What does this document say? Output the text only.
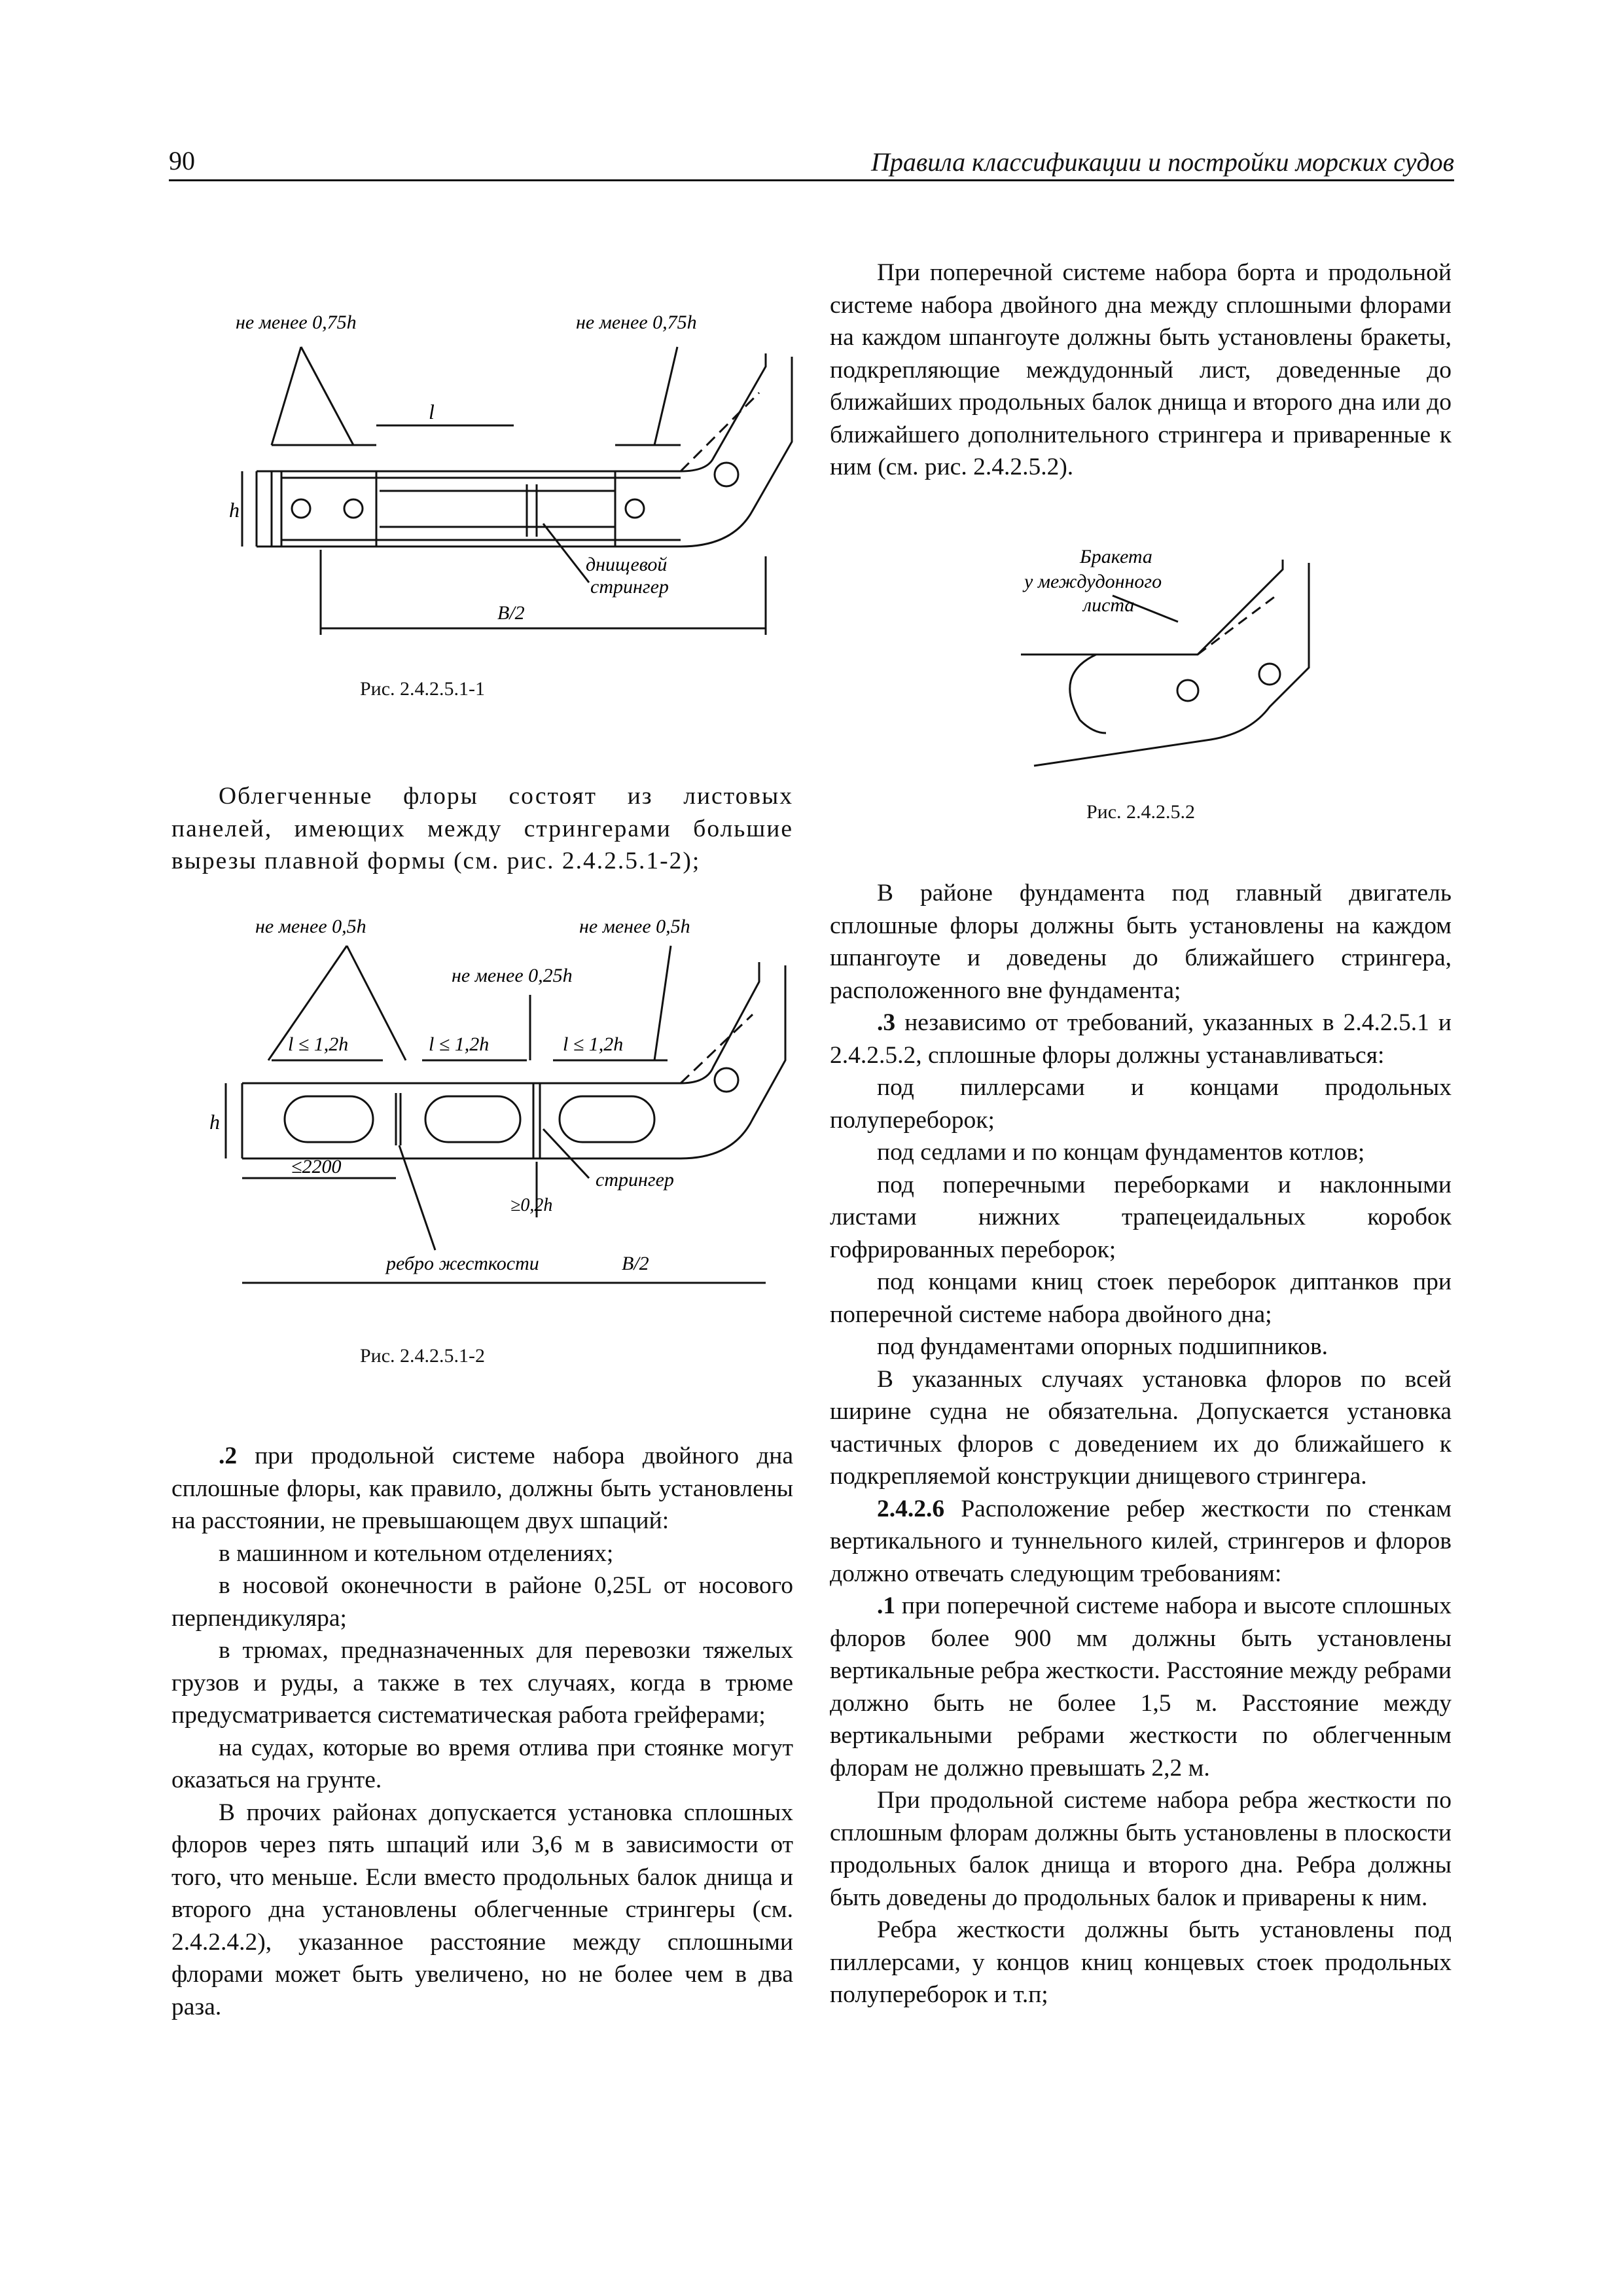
90	Правила классификации и постройки морских судов
не менее 0,75h	не менее 0,75h
l
h
днищевой
стрингер
B/2
Рис. 2.4.2.5.1-1
Бракета
у междудонного
листа
Рис. 2.4.2.5.2
не менее 0,5h	не менее 0,5h
не менее 0,25h
l ≤ 1,2h	l ≤ 1,2h	l ≤ 1,2h
h
≤2200
≥0,2h
стрингер
ребро жесткости	B/2
Рис. 2.4.2.5.1-2

Облегченные флоры состоят из листовых панелей, имеющих между стрингерами большие вырезы плавной формы (см. рис. 2.4.2.5.1-2);

.2 при продольной системе набора двойного дна сплошные флоры, как правило, должны быть установлены на расстоянии, не превышающем двух шпаций:

в машинном и котельном отделениях;

в носовой оконечности в районе 0,25L от носового перпендикуляра;

в трюмах, предназначенных для перевозки тяжелых грузов и руды, а также в тех случаях, когда в трюме предусматривается систематическая работа грейферами;

на судах, которые во время отлива при стоянке могут оказаться на грунте.

В прочих районах допускается установка сплошных флоров через пять шпаций или 3,6 м в зависимости от того, что меньше. Если вместо продольных балок днища и второго дна установлены облегченные стрингеры (см. 2.4.2.4.2), указанное расстояние между сплошными флорами может быть увеличено, но не более чем в два раза.

При поперечной системе набора борта и продольной системе набора двойного дна между сплошными флорами на каждом шпангоуте должны быть установлены бракеты, подкрепляющие междудонный лист, доведенные до ближайших продольных балок днища и второго дна или до ближайшего дополнительного стрингера и приваренные к ним (см. рис. 2.4.2.5.2).

В районе фундамента под главный двигатель сплошные флоры должны быть установлены на каждом шпангоуте и доведены до ближайшего стрингера, расположенного вне фундамента;

.3 независимо от требований, указанных в 2.4.2.5.1 и 2.4.2.5.2, сплошные флоры должны устанавливаться:

под пиллерсами и концами продольных полупереборок;

под седлами и по концам фундаментов котлов;

под поперечными переборками и наклонными листами нижних трапецеидальных коробок гофрированных переборок;

под концами книц стоек переборок диптанков при поперечной системе набора двойного дна;

под фундаментами опорных подшипников.

В указанных случаях установка флоров по всей ширине судна не обязательна. Допускается установка частичных флоров с доведением их до ближайшего к подкрепляемой конструкции днищевого стрингера.

2.4.2.6 Расположение ребер жесткости по стенкам вертикального и туннельного килей, стрингеров и флоров должно отвечать следующим требованиям:

.1 при поперечной системе набора и высоте сплошных флоров более 900 мм должны быть установлены вертикальные ребра жесткости. Расстояние между ребрами должно быть не более 1,5 м. Расстояние между вертикальными ребрами жесткости по облегченным флорам не должно превышать 2,2 м.

При продольной системе набора ребра жесткости по сплошным флорам должны быть установлены в плоскости продольных балок днища и второго дна. Ребра должны быть доведены до продольных балок и приварены к ним.

Ребра жесткости должны быть установлены под пиллерсами, у концов книц концевых стоек продольных полупереборок и т.п;
